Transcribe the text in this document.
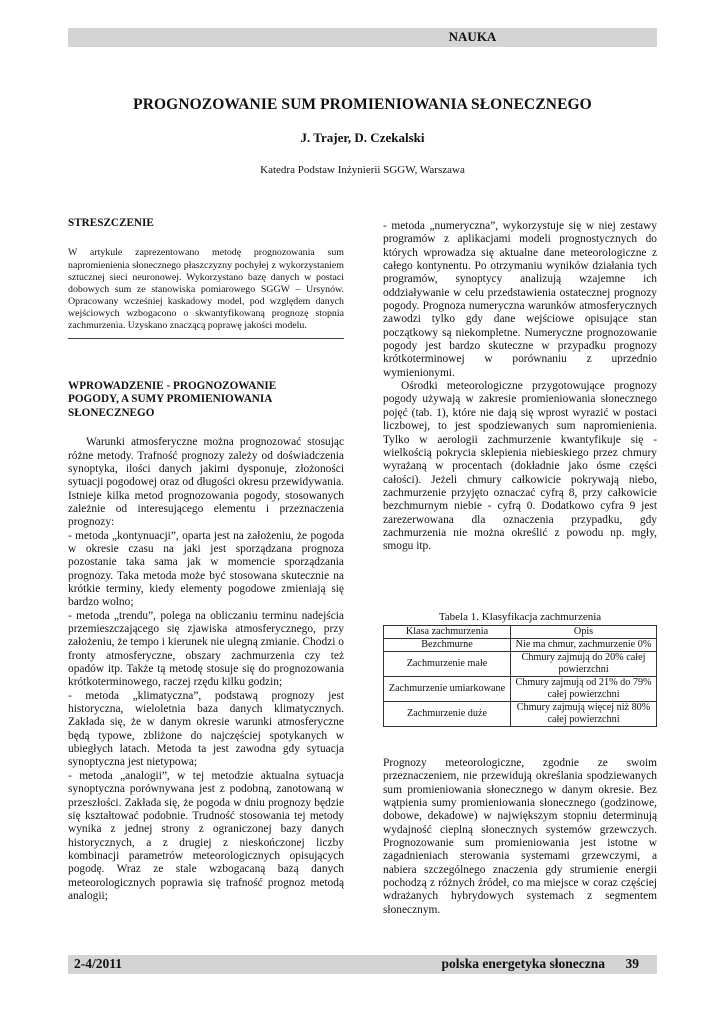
NAUKA
PROGNOZOWANIE SUM PROMIENIOWANIA SŁONECZNEGO
J. Trajer, D. Czekalski
Katedra Podstaw Inżynierii SGGW, Warszawa
STRESZCZENIE

W artykule zaprezentowano metodę prognozowania sum napromienienia słonecznego płaszczyzny pochyłej z wykorzystaniem sztucznej sieci neuronowej. Wykorzystano bazę danych w postaci dobowych sum ze stanowiska pomiarowego SGGW – Ursynów. Opracowany wcześniej kaskadowy model, pod względem danych wejściowych wzbogacono o skwantyfikowaną prognozę stopnia zachmurzenia. Uzyskano znaczącą poprawę jakości modelu.

WPROWADZENIE - PROGNOZOWANIE
POGODY, A SUMY PROMIENIOWANIA
SŁONECZNEGO

Warunki atmosferyczne można prognozować stosując różne metody. Trafność prognozy zależy od doświadczenia synoptyka, ilości danych jakimi dysponuje, złożoności sytuacji pogodowej oraz od długości okresu przewidywania. Istnieje kilka metod prognozowania pogody, stosowanych zależnie od interesującego elementu i przeznaczenia prognozy:

- metoda „kontynuacji”, oparta jest na założeniu, że pogoda w okresie czasu na jaki jest sporządzana prognoza pozostanie taka sama jak w momencie sporządzania prognozy. Taka metoda może być stosowana skutecznie na krótkie terminy, kiedy elementy pogodowe zmieniają się bardzo wolno;

- metoda „trendu”, polega na obliczaniu terminu nadejścia przemieszczającego się zjawiska atmosferycznego, przy założeniu, że tempo i kierunek nie ulegną zmianie. Chodzi o fronty atmosferyczne, obszary zachmurzenia czy też opadów itp. Także tą metodę stosuje się do prognozowania krótkoterminowego, raczej rzędu kilku godzin;

- metoda „klimatyczna”, podstawą prognozy jest historyczna, wieloletnia baza danych klimatycznych. Zakłada się, że w danym okresie warunki atmosferyczne będą typowe, zbliżone do najczęściej spotykanych w ubiegłych latach. Metoda ta jest zawodna gdy sytuacja synoptyczna jest nietypowa;

- metoda „analogii”, w tej metodzie aktualna sytuacja synoptyczna porównywana jest z podobną, zanotowaną w przeszłości. Zakłada się, że pogoda w dniu prognozy będzie się kształtować podobnie. Trudność stosowania tej metody wynika z jednej strony z ograniczonej bazy danych historycznych, a z drugiej z nieskończonej liczby kombinacji parametrów meteorologicznych opisujących pogodę. Wraz ze stale wzbogacaną bazą danych meteorologicznych poprawia się trafność prognoz metodą analogii;

- metoda „numeryczna”, wykorzystuje się w niej zestawy programów z aplikacjami modeli prognostycznych do których wprowadza się aktualne dane meteorologiczne z całego kontynentu. Po otrzymaniu wyników działania tych programów, synoptycy analizują wzajemne ich oddziaływanie w celu przedstawienia ostatecznej prognozy pogody. Prognoza numeryczna warunków atmosferycznych zawodzi tylko gdy dane wejściowe opisujące stan początkowy są niekompletne. Numeryczne prognozowanie pogody jest bardzo skuteczne w przypadku prognozy krótkoterminowej w porównaniu z uprzednio wymienionymi.

Ośrodki meteorologiczne przygotowujące prognozy pogody używają w zakresie promieniowania słonecznego pojęć (tab. 1), które nie dają się wprost wyrazić w postaci liczbowej, to jest spodziewanych sum napromienienia. Tylko w aerologii zachmurzenie kwantyfikuje się - wielkością pokrycia sklepienia niebieskiego przez chmury wyrażaną w procentach (dokładnie jako ósme części całości). Jeżeli chmury całkowicie pokrywają niebo, zachmurzenie przyjęto oznaczać cyfrą 8, przy całkowicie bezchmurnym niebie - cyfrą 0. Dodatkowo cyfra 9 jest zarezerwowana dla oznaczenia przypadku, gdy zachmurzenia nie można określić z powodu np. mgły, smogu itp.

Tabela 1. Klasyfikacja zachmurzenia
Klasa zachmurzenia	Opis
Bezchmurne	Nie ma chmur, zachmurzenie 0%
Zachmurzenie małe	Chmury zajmują do 20% całej powierzchni
Zachmurzenie umiarkowane	Chmury zajmują od 21% do 79% całej powierzchni
Zachmurzenie duże	Chmury zajmują więcej niż 80% całej powierzchni

Prognozy meteorologiczne, zgodnie ze swoim przeznaczeniem, nie przewidują określania spodziewanych sum promieniowania słonecznego w danym okresie. Bez wątpienia sumy promieniowania słonecznego (godzinowe, dobowe, dekadowe) w największym stopniu determinują wydajność cieplną słonecznych systemów grzewczych. Prognozowanie sum promieniowania jest istotne w zagadnieniach sterowania systemami grzewczymi, a nabiera szczególnego znaczenia gdy strumienie energii pochodzą z różnych źródeł, co ma miejsce w coraz częściej wdrażanych hybrydowych systemach z segmentem słonecznym.

2-4/2011	polska energetyka słoneczna 39
